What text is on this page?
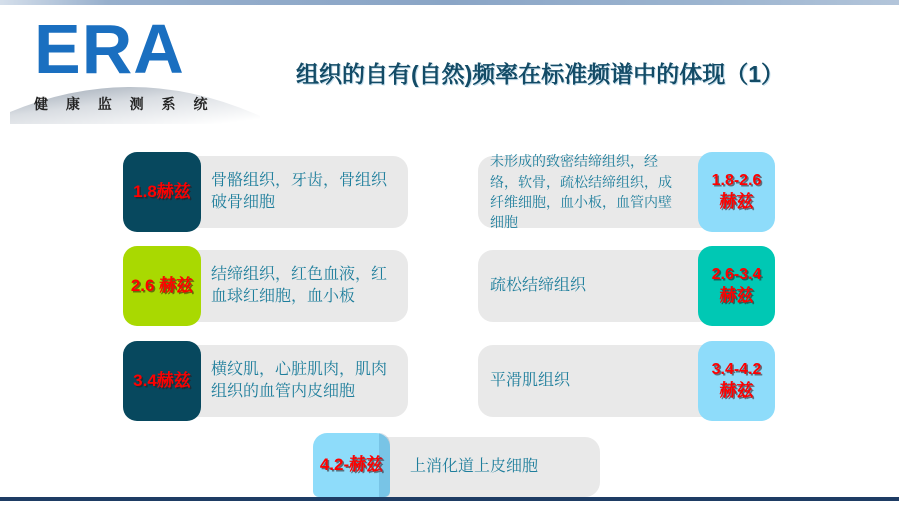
ERA
健 康 监 测 系 统
组织的自有(自然)频率在标准频谱中的体现（1）
骨骼组织，牙齿，骨组织破骨细胞
1.8赫兹
结缔组织，红色血液，红血球红细胞，血小板
2.6 赫兹
横纹肌，心脏肌肉，肌肉组织的血管内皮细胞
3.4赫兹
未形成的致密结缔组织，经络，软骨，疏松结缔组织，成纤维细胞，血小板，血管内壁细胞
1.8-2.6
赫兹
疏松结缔组织
2.6-3.4
赫兹
平滑肌组织
3.4-4.2
赫兹
上消化道上皮细胞
4.2-赫兹
